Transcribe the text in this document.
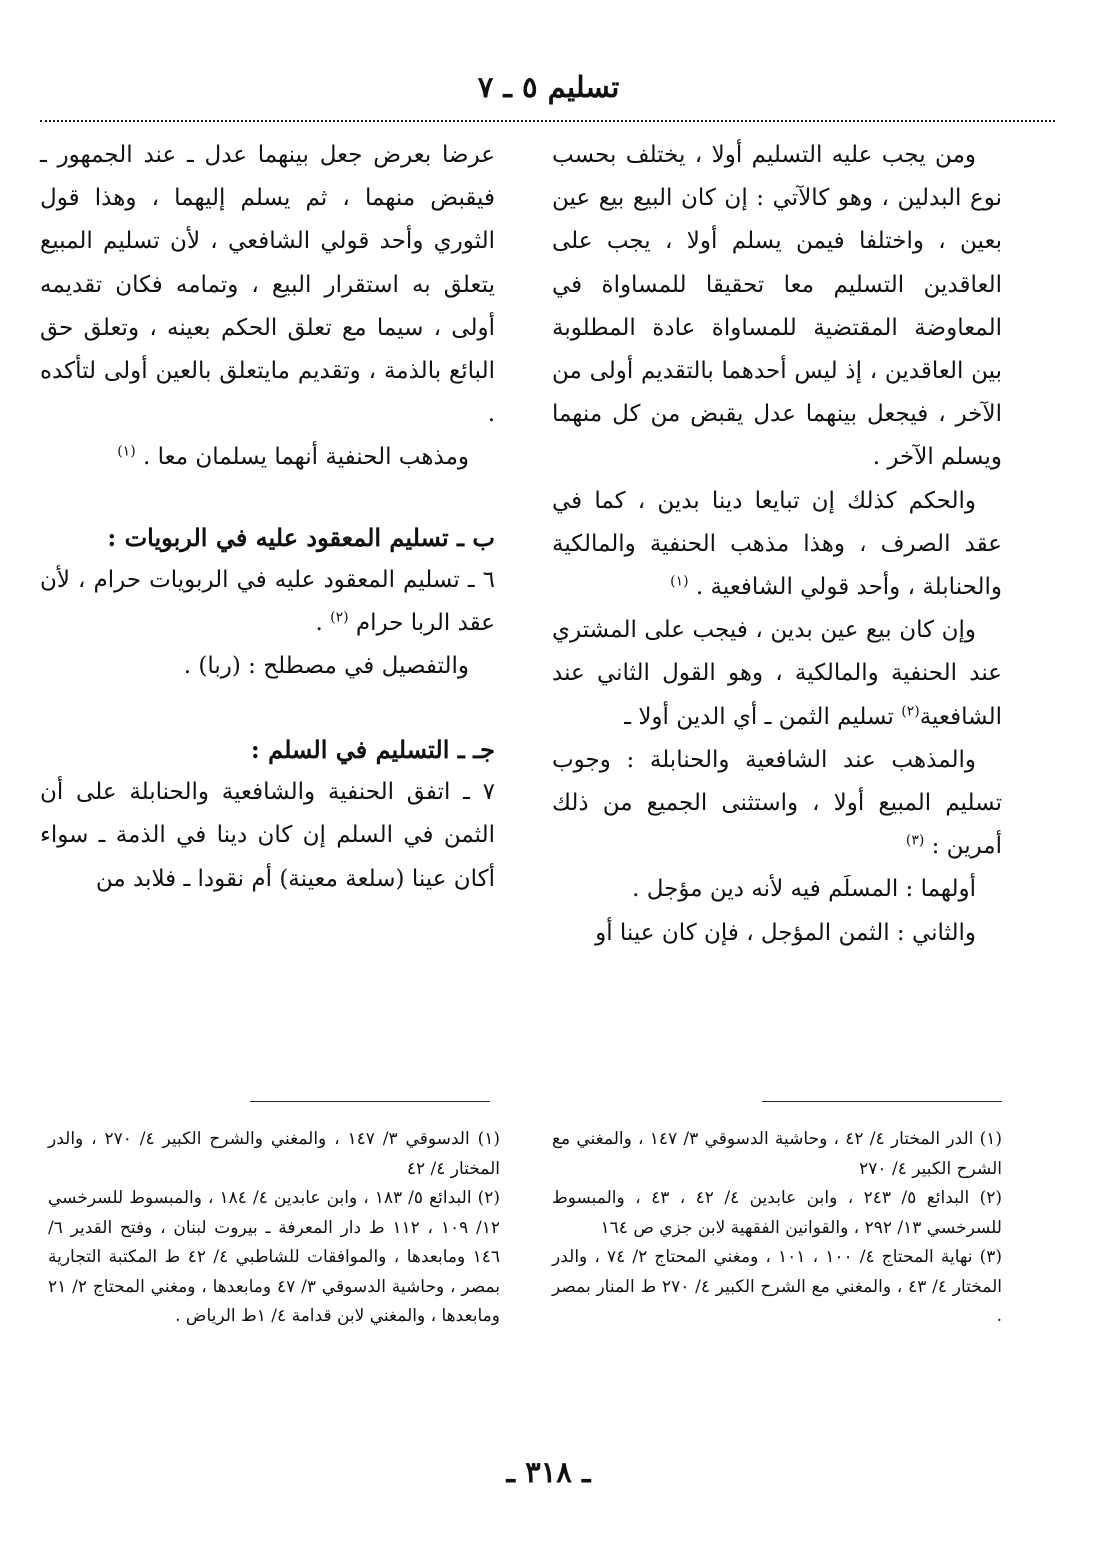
تسليم ٥ ـ ٧

ومن يجب عليه التسليم أولا ، يختلف بحسب نوع البدلين ، وهو كالآتي : إن كان البيع بيع عين بعين ، واختلفا فيمن يسلم أولا ، يجب على العاقدين التسليم معا تحقيقا للمساواة في المعاوضة المقتضية للمساواة عادة المطلوبة بين العاقدين ، إذ ليس أحدهما بالتقديم أولى من الآخر ، فيجعل بينهما عدل يقبض من كل منهما ويسلم الآخر .

والحكم كذلك إن تبايعا دينا بدين ، كما في عقد الصرف ، وهذا مذهب الحنفية والمالكية والحنابلة ، وأحد قولي الشافعية . $^{(١)}$

وإن كان بيع عين بدين ، فيجب على المشتري عند الحنفية والمالكية ، وهو القول الثاني عند الشافعية$^{(٢)}$ تسليم الثمن ـ أي الدين أولا ـ

والمذهب عند الشافعية والحنابلة : وجوب تسليم المبيع أولا ، واستثنى الجميع من ذلك أمرين : $^{(٣)}$

أولهما : المسلَم فيه لأنه دين مؤجل .

والثاني : الثمن المؤجل ، فإن كان عينا أو

عرضا بعرض جعل بينهما عدل ـ عند الجمهور ـ فيقبض منهما ، ثم يسلم إليهما ، وهذا قول الثوري وأحد قولي الشافعي ، لأن تسليم المبيع يتعلق به استقرار البيع ، وتمامه فكان تقديمه أولى ، سيما مع تعلق الحكم بعينه ، وتعلق حق البائع بالذمة ، وتقديم مايتعلق بالعين أولى لتأكده .

ومذهب الحنفية أنهما يسلمان معا . $^{(١)}$

ب ـ تسليم المعقود عليه في الربويات :

٦ ـ تسليم المعقود عليه في الربويات حرام ، لأن عقد الربا حرام $^{(٢)}$ .

والتفصيل في مصطلح : (ربا) .

جـ ـ التسليم في السلم :

٧ ـ اتفق الحنفية والشافعية والحنابلة على أن الثمن في السلم إن كان دينا في الذمة ـ سواء أكان عينا (سلعة معينة) أم نقودا ـ فلابد من

(١) الدر المختار ٤/ ٤٢ ، وحاشية الدسوقي ٣/ ١٤٧ ، والمغني مع الشرح الكبير ٤/ ٢٧٠

(٢) البدائع ٥/ ٢٤٣ ، وابن عابدين ٤/ ٤٢ ، ٤٣ ، والمبسوط للسرخسي ١٣/ ٢٩٢ ، والقوانين الفقهية لابن جزي ص ١٦٤

(٣) نهاية المحتاج ٤/ ١٠٠ ، ١٠١ ، ومغني المحتاج ٢/ ٧٤ ، والدر المختار ٤/ ٤٣ ، والمغني مع الشرح الكبير ٤/ ٢٧٠ ط المنار بمصر .

(١) الدسوقي ٣/ ١٤٧ ، والمغني والشرح الكبير ٤/ ٢٧٠ ، والدر المختار ٤/ ٤٢

(٢) البدائع ٥/ ١٨٣ ، وابن عابدين ٤/ ١٨٤ ، والمبسوط للسرخسي ١٢/ ١٠٩ ، ١١٢ ط دار المعرفة ـ بيروت لبنان ، وفتح القدير ٦/ ١٤٦ ومابعدها ، والموافقات للشاطبي ٤/ ٤٢ ط المكتبة التجارية بمصر ، وحاشية الدسوقي ٣/ ٤٧ ومابعدها ، ومغني المحتاج ٢/ ٢١ ومابعدها ، والمغني لابن قدامة ٤/ ١ط الرياض .

ـ ٣١٨ ـ
